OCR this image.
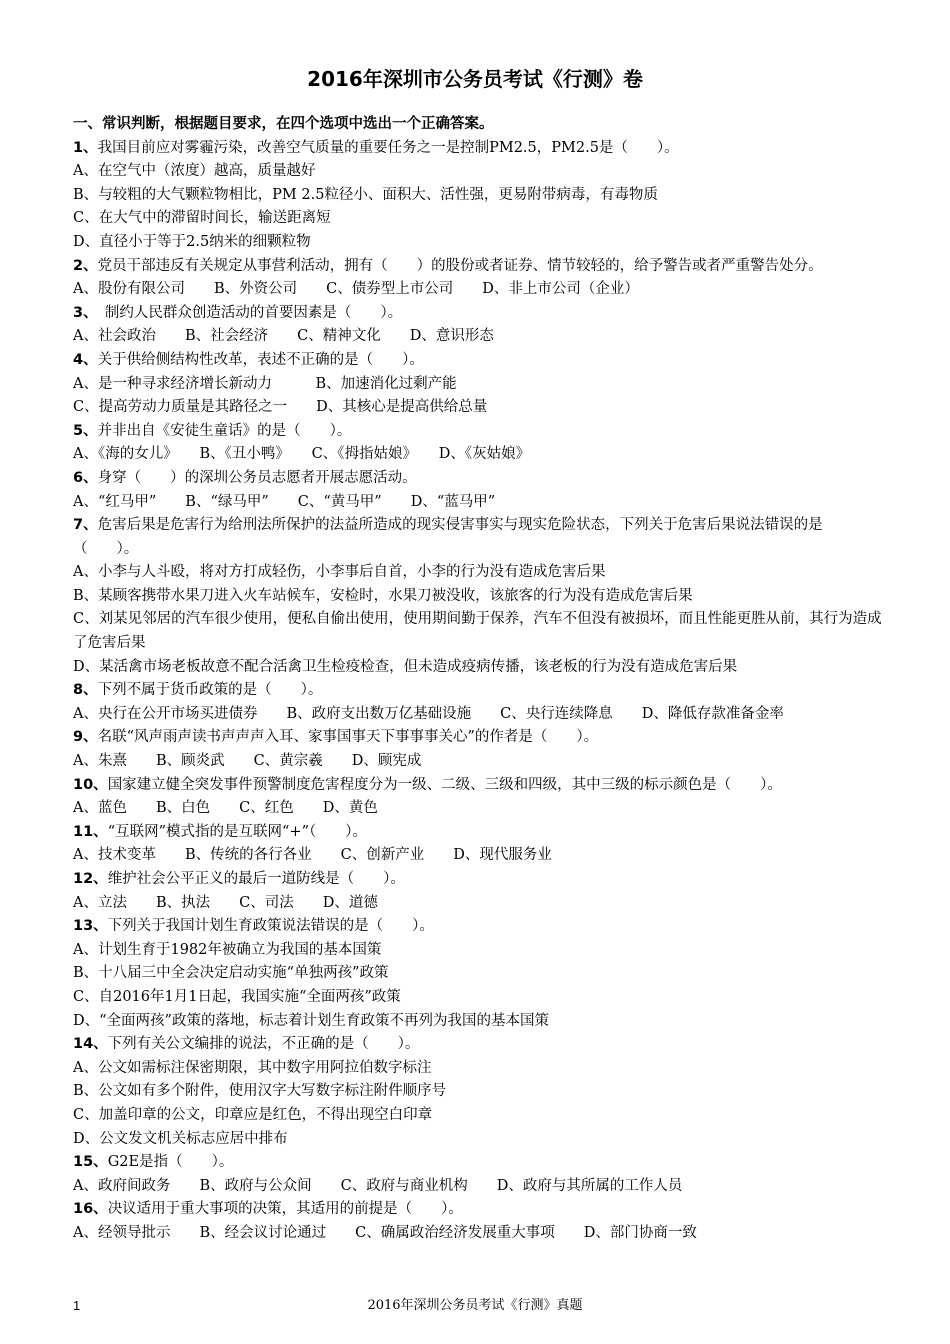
2016年深圳市公务员考试《行测》卷
一、常识判断，根据题目要求，在四个选项中选出一个正确答案。
1、我国目前应对雾霾污染，改善空气质量的重要任务之一是控制PM2.5，PM2.5是（　　）。
A、在空气中（浓度）越高，质量越好
B、与较粗的大气颗粒物相比，PM 2.5粒径小、面积大、活性强，更易附带病毒，有毒物质
C、在大气中的滞留时间长，输送距离短
D、直径小于等于2.5纳米的细颗粒物
2、党员干部违反有关规定从事营利活动，拥有（　　）的股份或者证券、情节较轻的，给予警告或者严重警告处分。
A、股份有限公司　　B、外资公司　　C、债券型上市公司　　D、非上市公司（企业）
3、　制约人民群众创造活动的首要因素是（　　）。
A、社会政治　　B、社会经济　　C、精神文化　　D、意识形态
4、关于供给侧结构性改革，表述不正确的是（　　）。
A、是一种寻求经济增长新动力　　　B、加速消化过剩产能
C、提高劳动力质量是其路径之一　　D、其核心是提高供给总量
5、并非出自《安徒生童话》的是（　　）。
A、《海的女儿》　　B、《丑小鸭》　　C、《拇指姑娘》　　D、《灰姑娘》
6、身穿（　　）的深圳公务员志愿者开展志愿活动。
A、“红马甲”　　B、“绿马甲”　　C、“黄马甲”　　D、“蓝马甲”
7、危害后果是危害行为给刑法所保护的法益所造成的现实侵害事实与现实危险状态，下列关于危害后果说法错误的是（　　）。
A、小李与人斗殴，将对方打成轻伤，小李事后自首，小李的行为没有造成危害后果
B、某顾客携带水果刀进入火车站候车，安检时，水果刀被没收，该旅客的行为没有造成危害后果
C、刘某见邻居的汽车很少使用，便私自偷出使用，使用期间勤于保养，汽车不但没有被损坏，而且性能更胜从前，其行为造成了危害后果
D、某活禽市场老板故意不配合活禽卫生检疫检查，但未造成疫病传播，该老板的行为没有造成危害后果
8、下列不属于货币政策的是（　　）。
A、央行在公开市场买进债券　　B、政府支出数万亿基础设施　　C、央行连续降息　　D、降低存款准备金率
9、名联“风声雨声读书声声声入耳、家事国事天下事事事关心”的作者是（　　）。
A、朱熹　　B、顾炎武　　C、黄宗羲　　D、顾宪成
10、国家建立健全突发事件预警制度危害程度分为一级、二级、三级和四级，其中三级的标示颜色是（　　）。
A、蓝色　　B、白色　　C、红色　　D、黄色
11、“互联网”模式指的是互联网“+”（　　）。
A、技术变革　　B、传统的各行各业　　C、创新产业　　D、现代服务业
12、维护社会公平正义的最后一道防线是（　　）。
A、立法　　B、执法　　C、司法　　D、道德
13、下列关于我国计划生育政策说法错误的是（　　）。
A、计划生育于1982年被确立为我国的基本国策
B、十八届三中全会决定启动实施“单独两孩”政策
C、自2016年1月1日起，我国实施“全面两孩”政策
D、“全面两孩”政策的落地，标志着计划生育政策不再列为我国的基本国策
14、下列有关公文编排的说法，不正确的是（　　）。
A、公文如需标注保密期限，其中数字用阿拉伯数字标注
B、公文如有多个附件，使用汉字大写数字标注附件顺序号
C、加盖印章的公文，印章应是红色，不得出现空白印章
D、公文发文机关标志应居中排布
15、G2E是指（　　）。
A、政府间政务　　B、政府与公众间　　C、政府与商业机构　　D、政府与其所属的工作人员
16、决议适用于重大事项的决策，其适用的前提是（　　）。
A、经领导批示　　B、经会议讨论通过　　C、确属政治经济发展重大事项　　D、部门协商一致
1	2016年深圳公务员考试《行测》真题
